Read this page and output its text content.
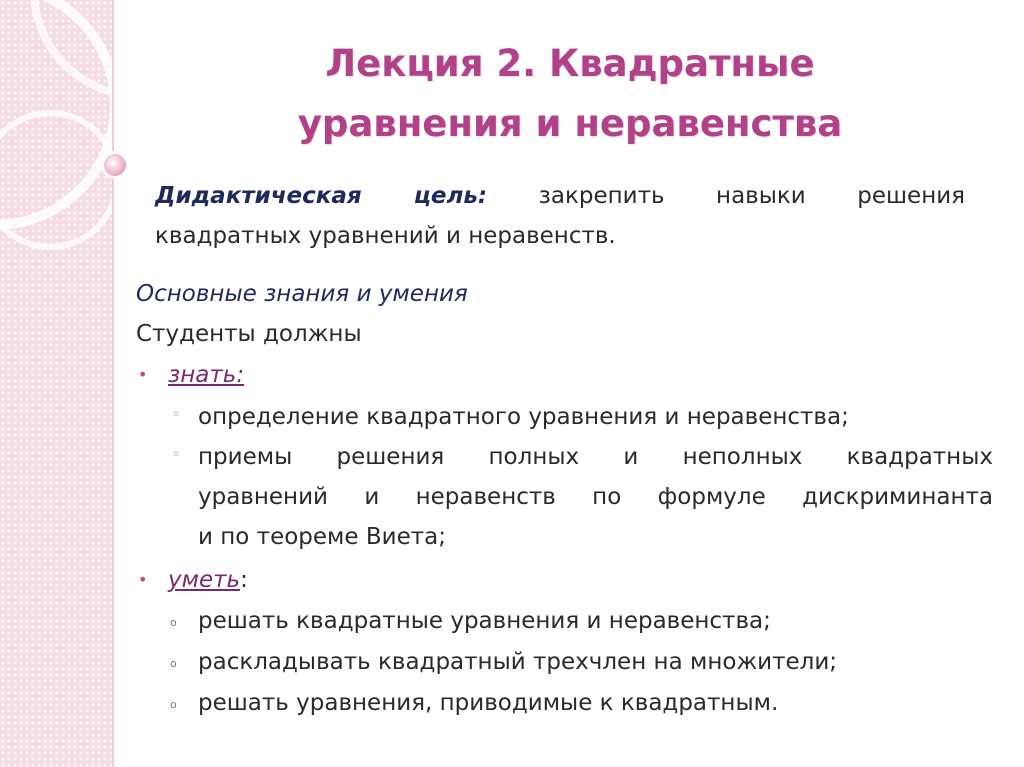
Лекция 2. Квадратные
уравнения и неравенства
Дидактическая цель: закрепить навыки решения
квадратных уравнений и неравенств.
Основные знания и умения
Студенты должны
• знать:
◦ определение квадратного уравнения и неравенства;
◦ приемы решения полных и неполных квадратных
уравнений и неравенств по формуле дискриминанта
и по теореме Виета;
• уметь:
o решать квадратные уравнения и неравенства;
o раскладывать квадратный трехчлен на множители;
o решать уравнения, приводимые к квадратным.
